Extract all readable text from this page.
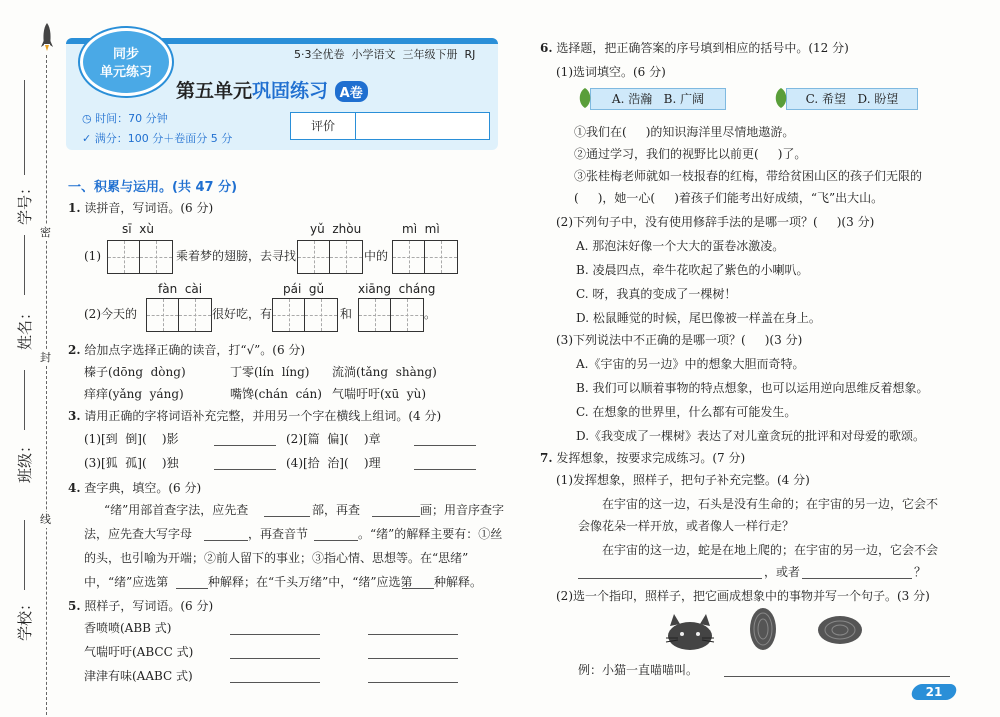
密
封
线
学号：
姓名：
班级：
学校：
同步
单元练习
5·3全优卷  小学语文  三年级下册  RJ
第五单元巩固练习 A卷
◷ 时间：70 分钟
✓ 满分：100 分＋卷面分 5 分
评价
一、积累与运用。(共 47 分)
1. 读拼音，写词语。(6 分)
sī  xù	yǔ  zhòu	mì  mì
(1)	乘着梦的翅膀，去寻找	中的
fàn  cài	pái  gǔ	xiāng  cháng
(2)今天的	很好吃，有	和	。
2. 给加点字选择正确的读音，打“√”。(6 分)
榛子(dōng  dòng)	丁零(lín  líng) 流淌(tǎng  shàng)
痒痒(yǎng  yáng)	嘴馋(chán  cán) 气喘吁吁(xū  yù)
3. 请用正确的字将词语补充完整，并用另一个字在横线上组词。(4 分)
(1)[到  倒](    )影	(2)[篇  偏](    )章
(3)[狐  孤](    )独	(4)[拾  治](    )理
4. 查字典，填空。(6 分)
“绪”用部首查字法，应先查	部，再查	画；用音序查字
法，应先查大写字母	，再查音节	。“绪”的解释主要有：①丝
的头，也引喻为开端；②前人留下的事业；③指心情、思想等。在“思绪”
中，“绪”应选第	种解释；在“千头万绪”中，“绪”应选第 种解释。
5. 照样子，写词语。(6 分)
香喷喷(ABB 式)
气喘吁吁(ABCC 式)
津津有味(AABC 式)
6. 选择题，把正确答案的序号填到相应的括号中。(12 分)
(1)选词填空。(6 分)
A. 浩瀚   B. 广阔	C. 希望   D. 盼望
①我们在(     )的知识海洋里尽情地遨游。
②通过学习，我们的视野比以前更(     )了。
③张桂梅老师就如一枝报春的红梅，带给贫困山区的孩子们无限的
(     )，她一心(     )着孩子们能考出好成绩，“飞”出大山。
(2)下列句子中，没有使用修辞手法的是哪一项？(     )(3 分)
A. 那泡沫好像一个大大的蛋卷冰激凌。
B. 凌晨四点，牵牛花吹起了紫色的小喇叭。
C. 呀，我真的变成了一棵树！
D. 松鼠睡觉的时候，尾巴像被一样盖在身上。
(3)下列说法中不正确的是哪一项？(     )(3 分)
A.《宇宙的另一边》中的想象大胆而奇特。
B. 我们可以顺着事物的特点想象，也可以运用逆向思维反着想象。
C. 在想象的世界里，什么都有可能发生。
D.《我变成了一棵树》表达了对儿童贪玩的批评和对母爱的歌颂。
7. 发挥想象，按要求完成练习。(7 分)
(1)发挥想象，照样子，把句子补充完整。(4 分)
在宇宙的这一边，石头是没有生命的；在宇宙的另一边，它会不
会像花朵一样开放，或者像人一样行走？
在宇宙的这一边，蛇是在地上爬的；在宇宙的另一边，它会不会
，或者	？
(2)选一个指印，照样子，把它画成想象中的事物并写一个句子。(3 分)
例：小猫一直喵喵叫。
21
